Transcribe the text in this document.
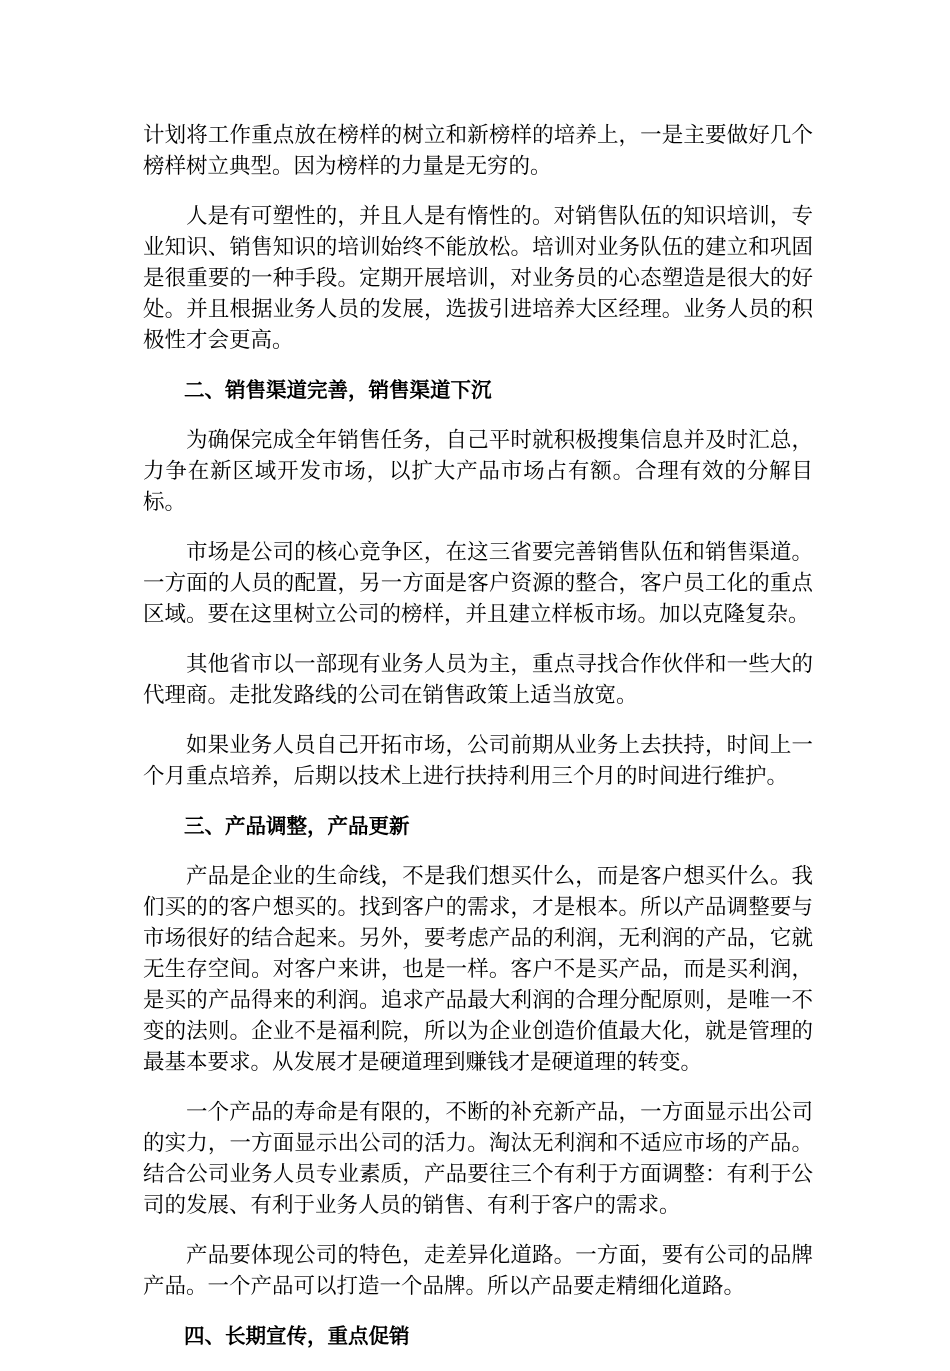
计划将工作重点放在榜样的树立和新榜样的培养上，一是主要做好几个榜样树立典型。因为榜样的力量是无穷的。

人是有可塑性的，并且人是有惰性的。对销售队伍的知识培训，专业知识、销售知识的培训始终不能放松。培训对业务队伍的建立和巩固是很重要的一种手段。定期开展培训，对业务员的心态塑造是很大的好处。并且根据业务人员的发展，选拔引进培养大区经理。业务人员的积极性才会更高。

二、销售渠道完善，销售渠道下沉

为确保完成全年销售任务，自己平时就积极搜集信息并及时汇总，力争在新区域开发市场，以扩大产品市场占有额。合理有效的分解目标。

市场是公司的核心竞争区，在这三省要完善销售队伍和销售渠道。一方面的人员的配置，另一方面是客户资源的整合，客户员工化的重点区域。要在这里树立公司的榜样，并且建立样板市场。加以克隆复杂。

其他省市以一部现有业务人员为主，重点寻找合作伙伴和一些大的代理商。走批发路线的公司在销售政策上适当放宽。

如果业务人员自己开拓市场，公司前期从业务上去扶持，时间上一个月重点培养，后期以技术上进行扶持利用三个月的时间进行维护。

三、产品调整，产品更新

产品是企业的生命线，不是我们想买什么，而是客户想买什么。我们买的的客户想买的。找到客户的需求，才是根本。所以产品调整要与市场很好的结合起来。另外，要考虑产品的利润，无利润的产品，它就无生存空间。对客户来讲，也是一样。客户不是买产品，而是买利润，是买的产品得来的利润。追求产品最大利润的合理分配原则，是唯一不变的法则。企业不是福利院，所以为企业创造价值最大化，就是管理的最基本要求。从发展才是硬道理到赚钱才是硬道理的转变。

一个产品的寿命是有限的，不断的补充新产品，一方面显示出公司的实力，一方面显示出公司的活力。淘汰无利润和不适应市场的产品。结合公司业务人员专业素质，产品要往三个有利于方面调整：有利于公司的发展、有利于业务人员的销售、有利于客户的需求。

产品要体现公司的特色，走差异化道路。一方面，要有公司的品牌产品。一个产品可以打造一个品牌。所以产品要走精细化道路。

四、长期宣传，重点促销
